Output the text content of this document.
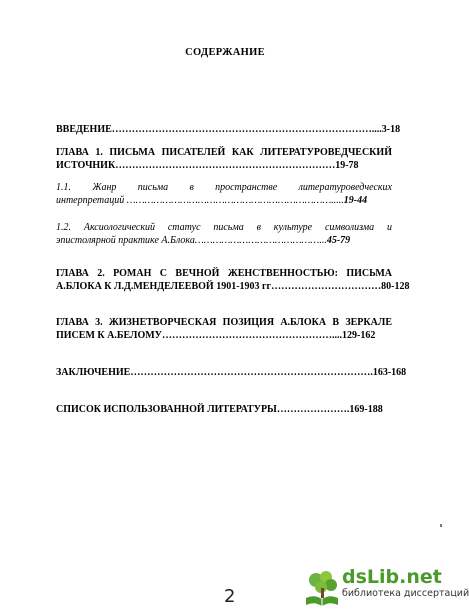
СОДЕРЖАНИЕ
ВВЕДЕНИЕ……………………………………………………………………....3-18
ГЛАВА 1. ПИСЬМА ПИСАТЕЛЕЙ КАК ЛИТЕРАТУРОВЕДЧЕСКИЙ
ИСТОЧНИК…………………………………………………………19-78
1.1. Жанр письма в пространстве литературоведческих
интерпретаций …………………………………………………………….....19-44
1.2. Аксиологический статус письма в культуре символизма и
эпистолярной практике А.Блока……………………………………...45-79
ГЛАВА 2. РОМАН С ВЕЧНОЙ ЖЕНСТВЕННОСТЬЮ: ПИСЬМА
А.БЛОКА К Л.Д.МЕНДЕЛЕЕВОЙ 1901-1903 гг……………………………80-128
ГЛАВА 3. ЖИЗНЕТВОРЧЕСКАЯ ПОЗИЦИЯ А.БЛОКА В ЗЕРКАЛЕ
ПИСЕМ К А.БЕЛОМУ……………………………………………....129-162
ЗАКЛЮЧЕНИЕ……………………………………………………………….163-168
СПИСОК ИСПОЛЬЗОВАННОЙ ЛИТЕРАТУРЫ………………….169-188
2
dsLib.net
библиотека диссертаций
